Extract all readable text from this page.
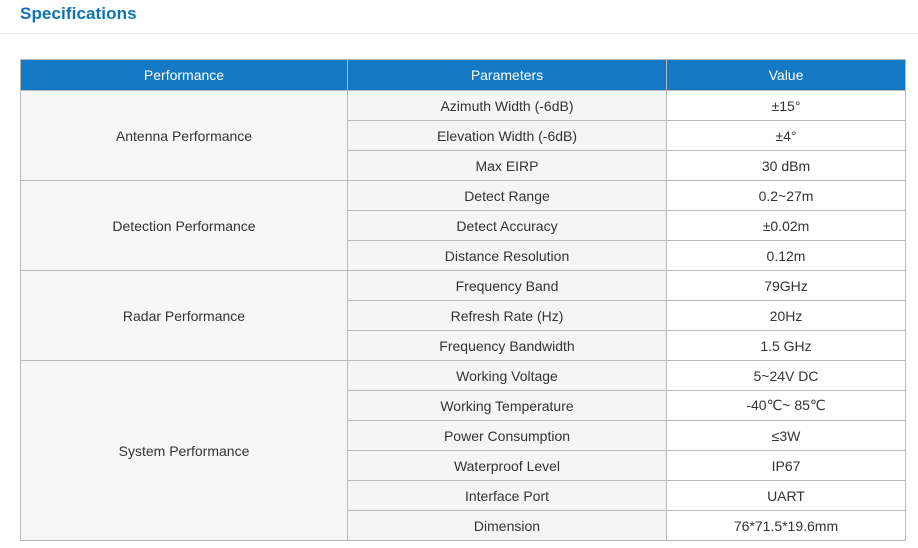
Specifications
Performance	Parameters	Value
Antenna Performance	Azimuth Width (-6dB)	±15°
	Elevation Width (-6dB)	±4°
	Max EIRP	30 dBm
Detection Performance	Detect Range	0.2~27m
	Detect Accuracy	±0.02m
	Distance Resolution	0.12m
Radar Performance	Frequency Band	79GHz
	Refresh Rate (Hz)	20Hz
	Frequency Bandwidth	1.5 GHz
System Performance	Working Voltage	5~24V DC
	Working Temperature	-40℃~ 85℃
	Power Consumption	≤3W
	Waterproof Level	IP67
	Interface Port	UART
	Dimension	76*71.5*19.6mm
